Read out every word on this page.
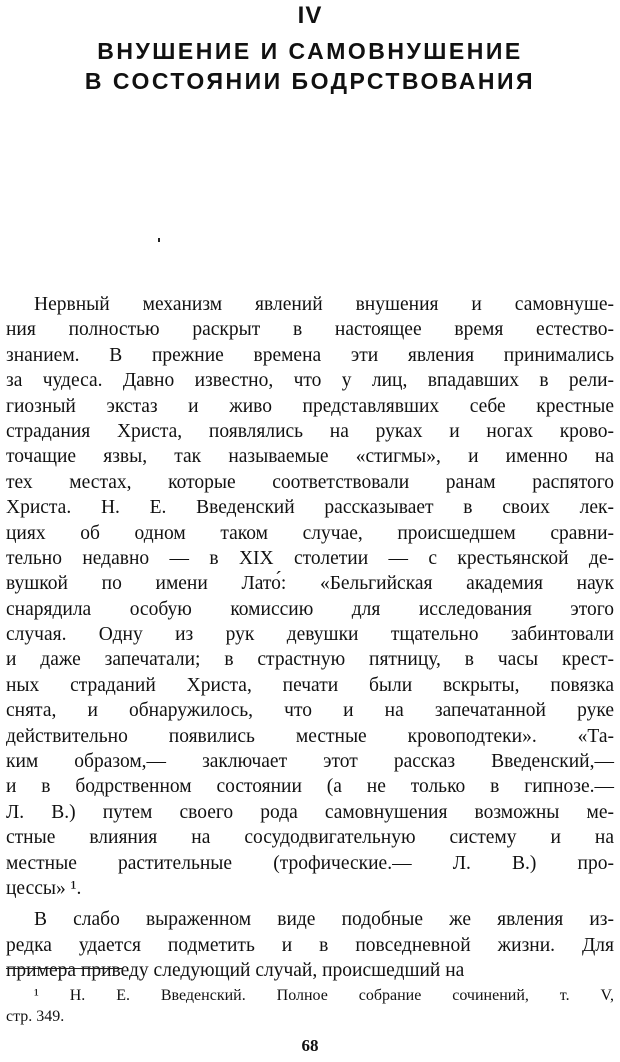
IV
ВНУШЕНИЕ И САМОВНУШЕНИЕ
В СОСТОЯНИИ БОДРСТВОВАНИЯ
Нервный механизм явлений внушения и самовнуше-
ния полностью раскрыт в настоящее время естество-
знанием. В прежние времена эти явления принимались
за чудеса. Давно известно, что у лиц, впадавших в рели-
гиозный экстаз и живо представлявших себе крестные
страдания Христа, появлялись на руках и ногах крово-
точащие язвы, так называемые «стигмы», и именно на
тех местах, которые соответствовали ранам распятого
Христа. Н. Е. Введенский рассказывает в своих лек-
циях об одном таком случае, происшедшем сравни-
тельно недавно — в XIX столетии — с крестьянской де-
вушкой по имени Лато́: «Бельгийская академия наук
снарядила особую комиссию для исследования этого
случая. Одну из рук девушки тщательно забинтовали
и даже запечатали; в страстную пятницу, в часы крест-
ных страданий Христа, печати были вскрыты, повязка
снята, и обнаружилось, что и на запечатанной руке
действительно появились местные кровоподтеки». «Та-
ким образом,— заключает этот рассказ Введенский,—
и в бодрственном состоянии (а не только в гипнозе.—
Л. В.) путем своего рода самовнушения возможны ме-
стные влияния на сосудодвигательную систему и на
местные растительные (трофические.— Л. В.) про-
цессы» ¹.
В слабо выраженном виде подобные же явления из-
редка удается подметить и в повседневной жизни. Для
примера приведу следующий случай, происшедший на
¹ Н. Е. Введенский. Полное собрание сочинений, т. V,
стр. 349.
68
